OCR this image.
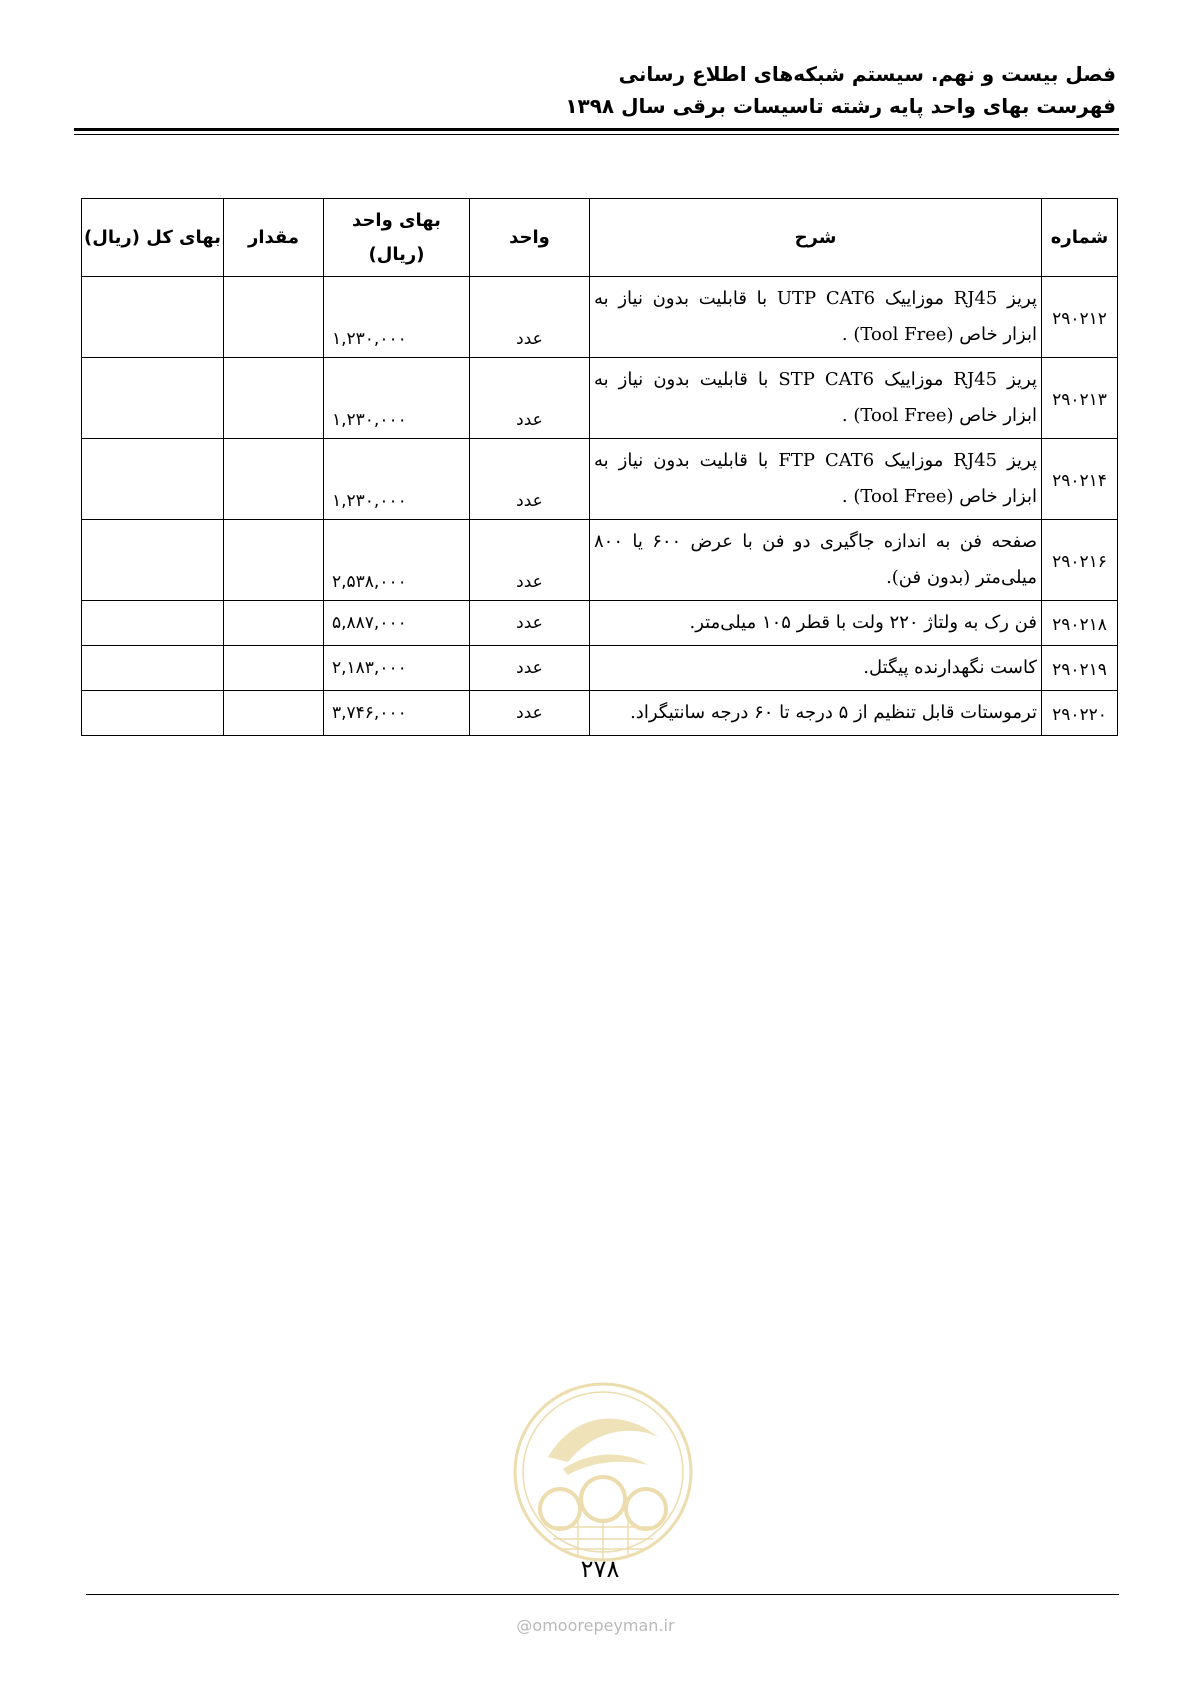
فصل بیست و نهم. سیستم شبکه‌های اطلاع رسانی
فهرست بهای واحد پایه رشته تاسیسات برقی سال ۱۳۹۸
شماره	شرح	واحد	بهای واحد
(ریال)	مقدار	بهای کل (ریال)
۲۹۰۲۱۲	پریز RJ45 موزاییک UTP CAT6 با قابلیت بدون نیاز به ابزار خاص (Tool Free) .	عدد	۱,۲۳۰,۰۰۰		
۲۹۰۲۱۳	پریز RJ45 موزاییک STP CAT6 با قابلیت بدون نیاز به ابزار خاص (Tool Free) .	عدد	۱,۲۳۰,۰۰۰		
۲۹۰۲۱۴	پریز RJ45 موزاییک FTP CAT6 با قابلیت بدون نیاز به ابزار خاص (Tool Free) .	عدد	۱,۲۳۰,۰۰۰		
۲۹۰۲۱۶	صفحه فن به اندازه جاگیری دو فن با عرض ۶۰۰ یا ۸۰۰ میلی‌متر (بدون فن).	عدد	۲,۵۳۸,۰۰۰		
۲۹۰۲۱۸	فن رک به ولتاژ ۲۲۰ ولت با قطر ۱۰۵ میلی‌متر.	عدد	۵,۸۸۷,۰۰۰		
۲۹۰۲۱۹	کاست نگهدارنده پیگتل.	عدد	۲,۱۸۳,۰۰۰		
۲۹۰۲۲۰	ترموستات قابل تنظیم از ۵ درجه تا ۶۰ درجه سانتیگراد.	عدد	۳,۷۴۶,۰۰۰		
۲۷۸
@omoorepeyman.ir
